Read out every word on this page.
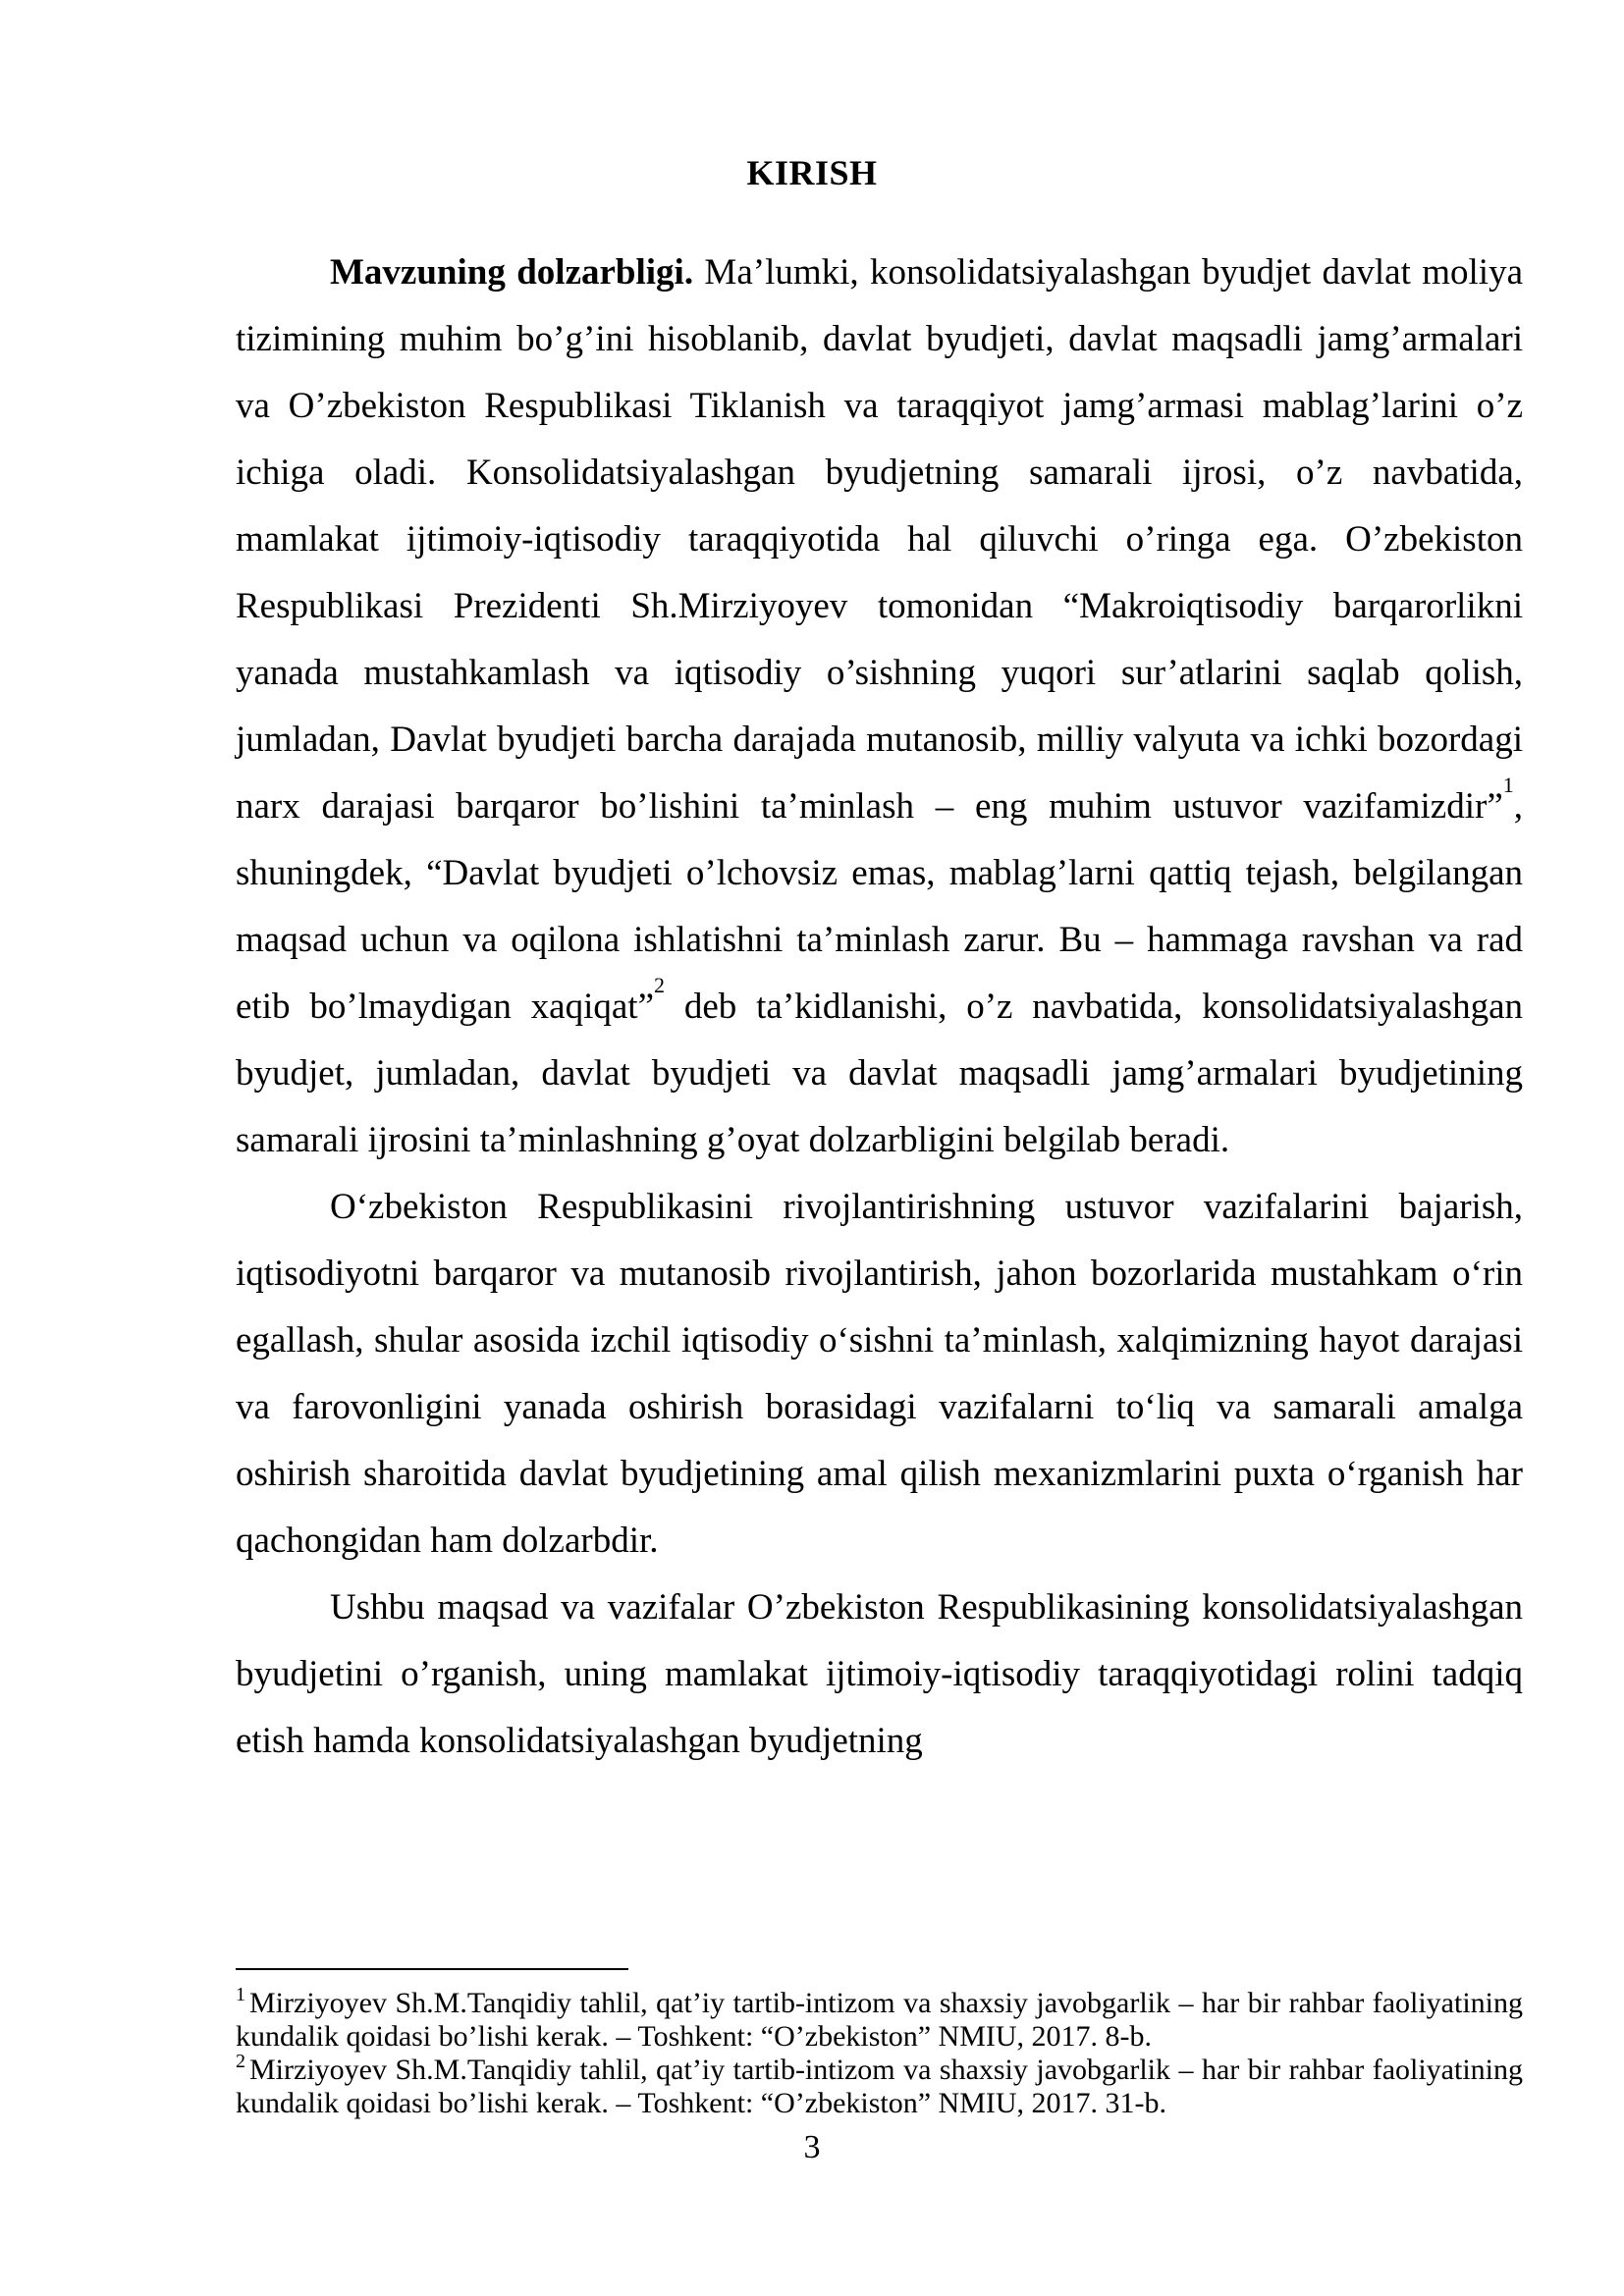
KIRISH

Mavzuning dolzarbligi. Ma’lumki, konsolidatsiyalashgan byudjet davlat moliya tizimining muhim bo’g’ini hisoblanib, davlat byudjeti, davlat maqsadli jamg’armalari va O’zbekiston Respublikasi Tiklanish va taraqqiyot jamg’armasi mablag’larini o’z ichiga oladi. Konsolidatsiyalashgan byudjetning samarali ijrosi, o’z navbatida, mamlakat ijtimoiy-iqtisodiy taraqqiyotida hal qiluvchi o’ringa ega. O’zbekiston Respublikasi Prezidenti Sh.Mirziyoyev tomonidan “Makroiqtisodiy barqarorlikni yanada mustahkamlash va iqtisodiy o’sishning yuqori sur’atlarini saqlab qolish, jumladan, Davlat byudjeti barcha darajada mutanosib, milliy valyuta va ichki bozordagi narx darajasi barqaror bo’lishini ta’minlash – eng muhim ustuvor vazifamizdir”$^1$, shuningdek, “Davlat byudjeti o’lchovsiz emas, mablag’larni qattiq tejash, belgilangan maqsad uchun va oqilona ishlatishni ta’minlash zarur. Bu – hammaga ravshan va rad etib bo’lmaydigan xaqiqat”$^2$ deb ta’kidlanishi, o’z navbatida, konsolidatsiyalashgan byudjet, jumladan, davlat byudjeti va davlat maqsadli jamg’armalari byudjetining samarali ijrosini ta’minlashning g’oyat dolzarbligini belgilab beradi.

O‘zbekiston Respublikasini rivojlantirishning ustuvor vazifalarini bajarish, iqtisodiyotni barqaror va mutanosib rivojlantirish, jahon bozorlarida mustahkam o‘rin egallash, shular asosida izchil iqtisodiy o‘sishni ta’minlash, xalqimizning hayot darajasi va farovonligini yanada oshirish borasidagi vazifalarni to‘liq va samarali amalga oshirish sharoitida davlat byudjetining amal qilish mexanizmlarini puxta o‘rganish har qachongidan ham dolzarbdir.

Ushbu maqsad va vazifalar O’zbekiston Respublikasining konsolidatsiyalashgan byudjetini o’rganish, uning mamlakat ijtimoiy-iqtisodiy taraqqiyotidagi rolini tadqiq etish hamda konsolidatsiyalashgan byudjetning

$^1$ Mirziyoyev Sh.M.Tanqidiy tahlil, qat’iy tartib-intizom va shaxsiy javobgarlik – har bir rahbar faoliyatining kundalik qoidasi bo’lishi kerak. – Toshkent: “O’zbekiston” NMIU, 2017. 8-b.

$^2$ Mirziyoyev Sh.M.Tanqidiy tahlil, qat’iy tartib-intizom va shaxsiy javobgarlik – har bir rahbar faoliyatining kundalik qoidasi bo’lishi kerak. – Toshkent: “O’zbekiston” NMIU, 2017. 31-b.

3
